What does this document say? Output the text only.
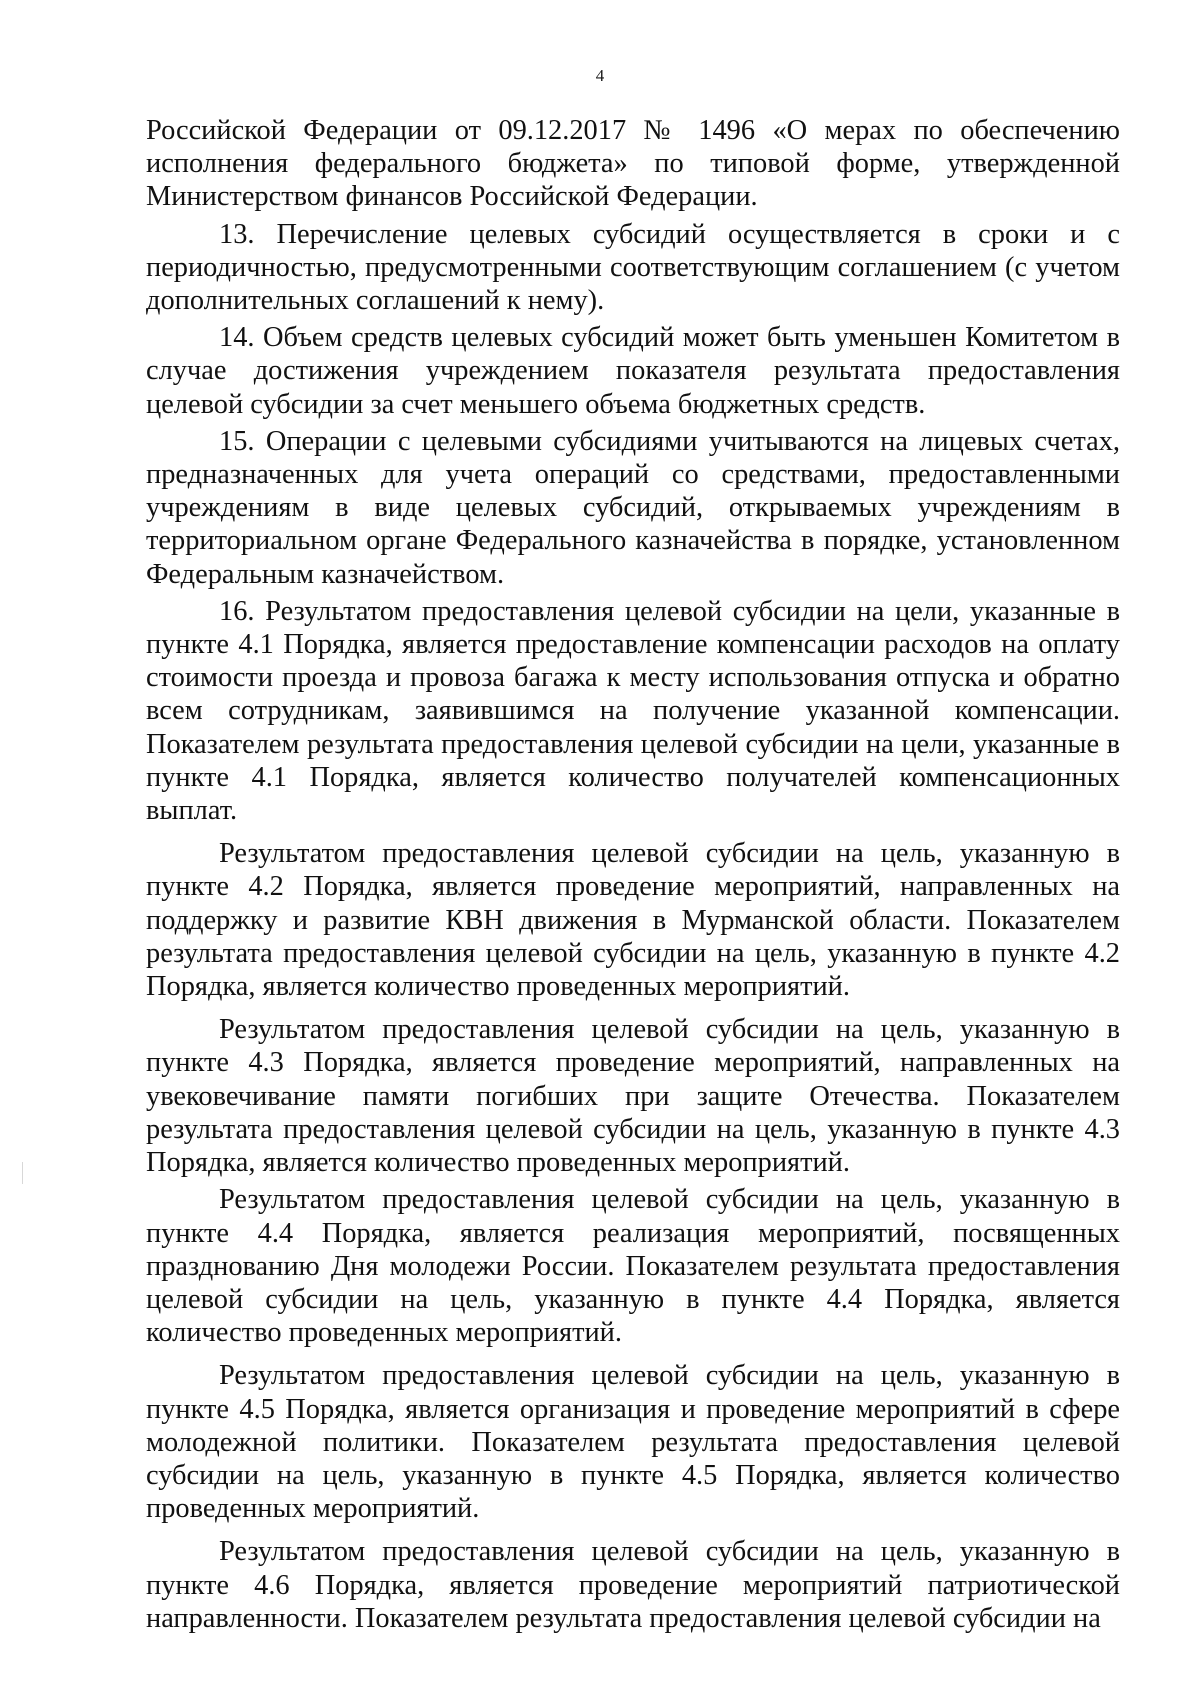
4

Российской Федерации от 09.12.2017 № 1496 «О мерах по обеспечению исполнения федерального бюджета» по типовой форме, утвержденной Министерством финансов Российской Федерации.

13. Перечисление целевых субсидий осуществляется в сроки и с периодичностью, предусмотренными соответствующим соглашением (с учетом дополнительных соглашений к нему).

14. Объем средств целевых субсидий может быть уменьшен Комитетом в случае достижения учреждением показателя результата предоставления целевой субсидии за счет меньшего объема бюджетных средств.

15. Операции с целевыми субсидиями учитываются на лицевых счетах, предназначенных для учета операций со средствами, предоставленными учреждениям в виде целевых субсидий, открываемых учреждениям в территориальном органе Федерального казначейства в порядке, установленном Федеральным казначейством.

16. Результатом предоставления целевой субсидии на цели, указанные в пункте 4.1 Порядка, является предоставление компенсации расходов на оплату стоимости проезда и провоза багажа к месту использования отпуска и обратно всем сотрудникам, заявившимся на получение указанной компенсации. Показателем результата предоставления целевой субсидии на цели, указанные в пункте 4.1 Порядка, является количество получателей компенсационных выплат.

Результатом предоставления целевой субсидии на цель, указанную в пункте 4.2 Порядка, является проведение мероприятий, направленных на поддержку и развитие КВН движения в Мурманской области. Показателем результата предоставления целевой субсидии на цель, указанную в пункте 4.2 Порядка, является количество проведенных мероприятий.

Результатом предоставления целевой субсидии на цель, указанную в пункте 4.3 Порядка, является проведение мероприятий, направленных на увековечивание памяти погибших при защите Отечества. Показателем результата предоставления целевой субсидии на цель, указанную в пункте 4.3 Порядка, является количество проведенных мероприятий.

Результатом предоставления целевой субсидии на цель, указанную в пункте 4.4 Порядка, является реализация мероприятий, посвященных празднованию Дня молодежи России. Показателем результата предоставления целевой субсидии на цель, указанную в пункте 4.4 Порядка, является количество проведенных мероприятий.

Результатом предоставления целевой субсидии на цель, указанную в пункте 4.5 Порядка, является организация и проведение мероприятий в сфере молодежной политики. Показателем результата предоставления целевой субсидии на цель, указанную в пункте 4.5 Порядка, является количество проведенных мероприятий.

Результатом предоставления целевой субсидии на цель, указанную в пункте 4.6 Порядка, является проведение мероприятий патриотической направленности. Показателем результата предоставления целевой субсидии на
